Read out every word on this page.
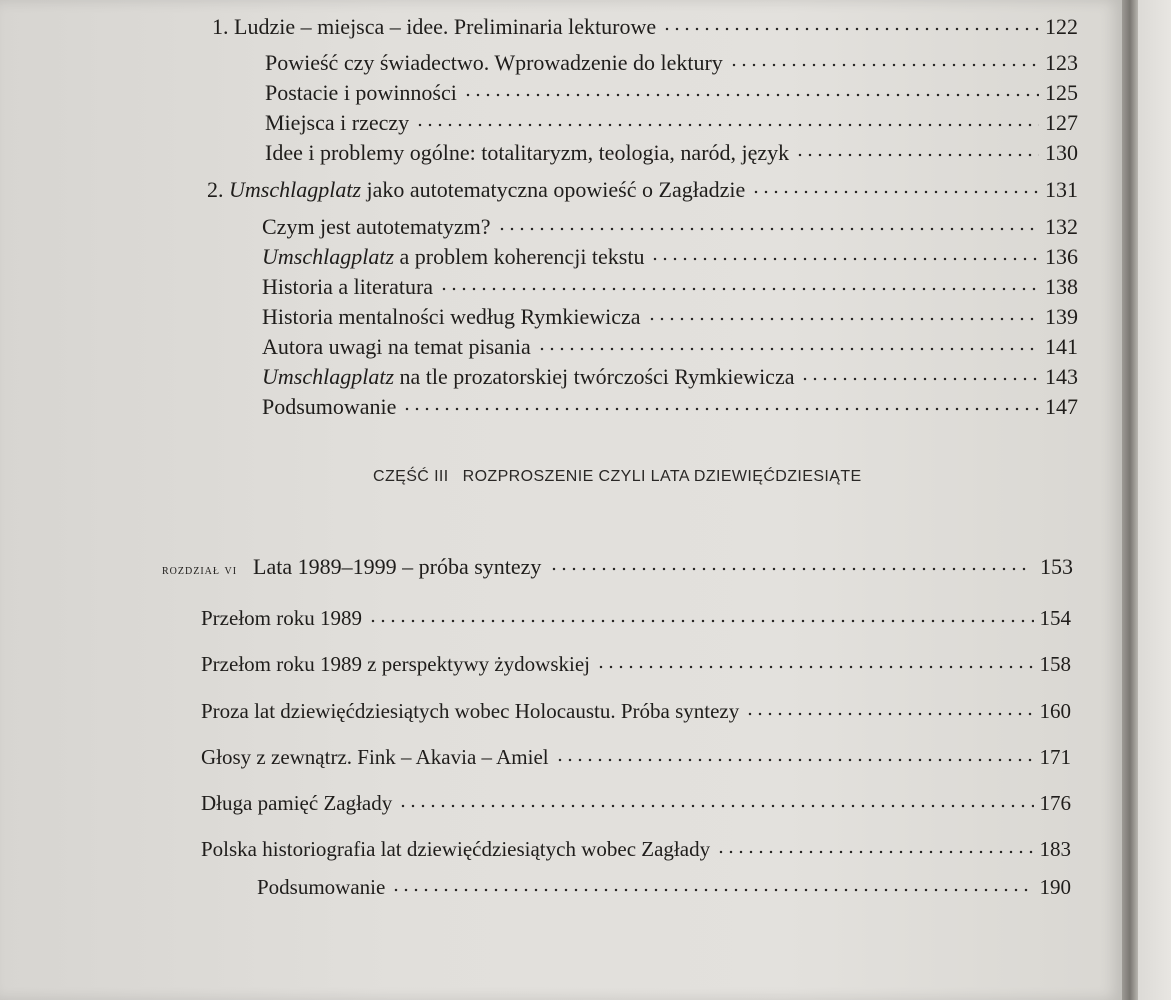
1. Ludzie – miejsca – idee. Preliminaria lekturowe	122
Powieść czy świadectwo. Wprowadzenie do lektury	123
Postacie i powinności	125
Miejsca i rzeczy	127
Idee i problemy ogólne: totalitaryzm, teologia, naród, język	130
2. Umschlagplatz jako autotematyczna opowieść o Zagładzie	131
Czym jest autotematyzm?	132
Umschlagplatz a problem koherencji tekstu	136
Historia a literatura	138
Historia mentalności według Rymkiewicza	139
Autora uwagi na temat pisania	141
Umschlagplatz na tle prozatorskiej twórczości Rymkiewicza	143
Podsumowanie	147
CZĘŚĆ III ROZPROSZENIE CZYLI LATA DZIEWIĘĆDZIESIĄTE
rozdział vi Lata 1989–1999 – próba syntezy	153
Przełom roku 1989	154
Przełom roku 1989 z perspektywy żydowskiej	158
Proza lat dziewięćdziesiątych wobec Holocaustu. Próba syntezy	160
Głosy z zewnątrz. Fink – Akavia – Amiel	171
Długa pamięć Zagłady	176
Polska historiografia lat dziewięćdziesiątych wobec Zagłady	183
Podsumowanie	190
